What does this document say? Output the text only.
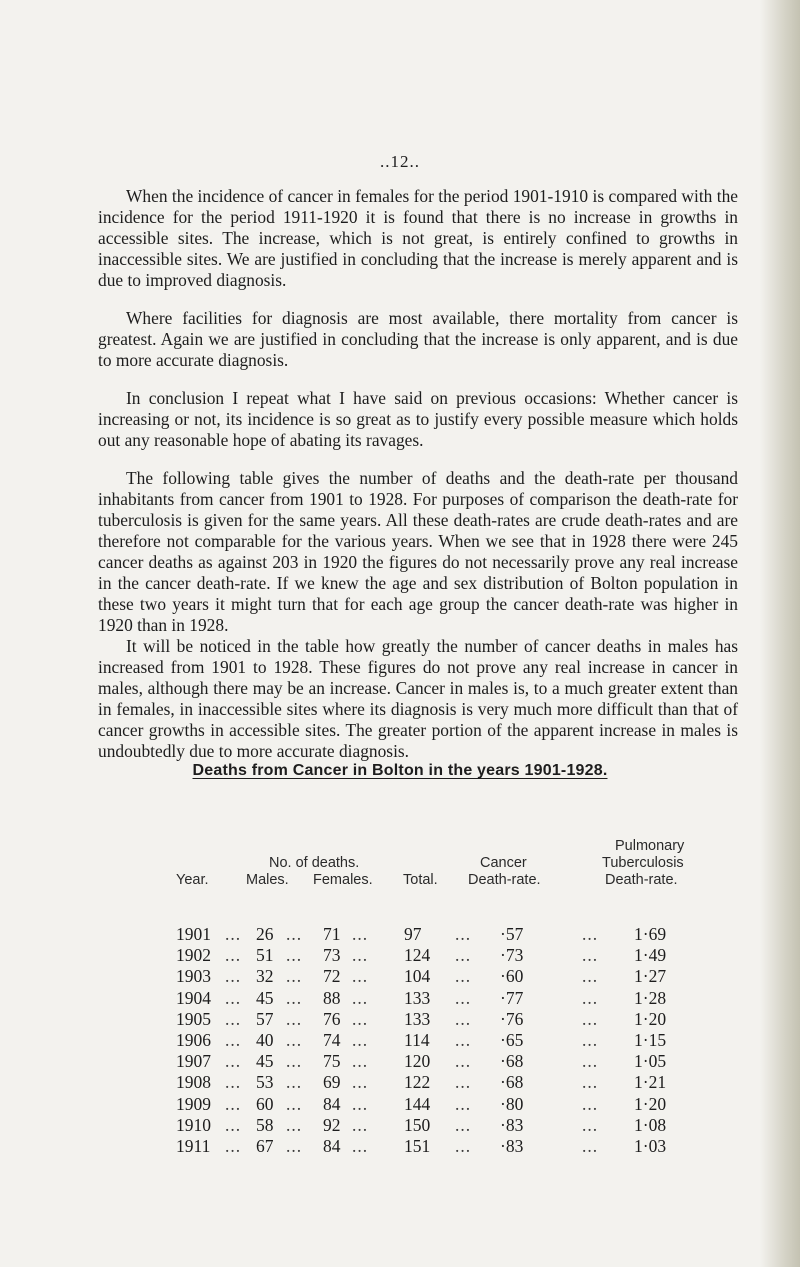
..12..

When the incidence of cancer in females for the period 1901-1910 is compared with the incidence for the period 1911-1920 it is found that there is no increase in growths in accessible sites. The increase, which is not great, is entirely confined to growths in inaccessible sites. We are justified in concluding that the increase is merely apparent and is due to improved diagnosis.

Where facilities for diagnosis are most available, there mortality from cancer is greatest. Again we are justified in concluding that the increase is only apparent, and is due to more accurate diagnosis.

In conclusion I repeat what I have said on previous occasions: Whether cancer is increasing or not, its incidence is so great as to justify every possible measure which holds out any reasonable hope of abating its ravages.

The following table gives the number of deaths and the death-rate per thousand inhabitants from cancer from 1901 to 1928. For purposes of comparison the death-rate for tuberculosis is given for the same years. All these death-rates are crude death-rates and are therefore not comparable for the various years. When we see that in 1928 there were 245 cancer deaths as against 203 in 1920 the figures do not necessarily prove any real increase in the cancer death-rate. If we knew the age and sex distribution of Bolton population in these two years it might turn that for each age group the cancer death-rate was higher in 1920 than in 1928.

It will be noticed in the table how greatly the number of cancer deaths in males has increased from 1901 to 1928. These figures do not prove any real increase in cancer in males, although there may be an increase. Cancer in males is, to a much greater extent than in females, in inaccessible sites where its diagnosis is very much more difficult than that of cancer growths in accessible sites. The greater portion of the apparent increase in males is undoubtedly due to more accurate diagnosis.

Deaths from Cancer in Bolton in the years 1901-1928.
Pulmonary
No. of deaths.	Cancer	Tuberculosis
Year.	Males. Females. Total. Death-rate.	Death-rate.
1901 ... 26 ... 71 ... 97 ... ·57	... 1·69
1902 ... 51 ... 73 ... 124 ... ·73	... 1·49
1903 ... 32 ... 72 ... 104 ... ·60	... 1·27
1904 ... 45 ... 88 ... 133 ... ·77	... 1·28
1905 ... 57 ... 76 ... 133 ... ·76	... 1·20
1906 ... 40 ... 74 ... 114 ... ·65	... 1·15
1907 ... 45 ... 75 ... 120 ... ·68	... 1·05
1908 ... 53 ... 69 ... 122 ... ·68	... 1·21
1909 ... 60 ... 84 ... 144 ... ·80	... 1·20
1910 ... 58 ... 92 ... 150 ... ·83	... 1·08
1911 ... 67 ... 84 ... 151 ... ·83	... 1·03
